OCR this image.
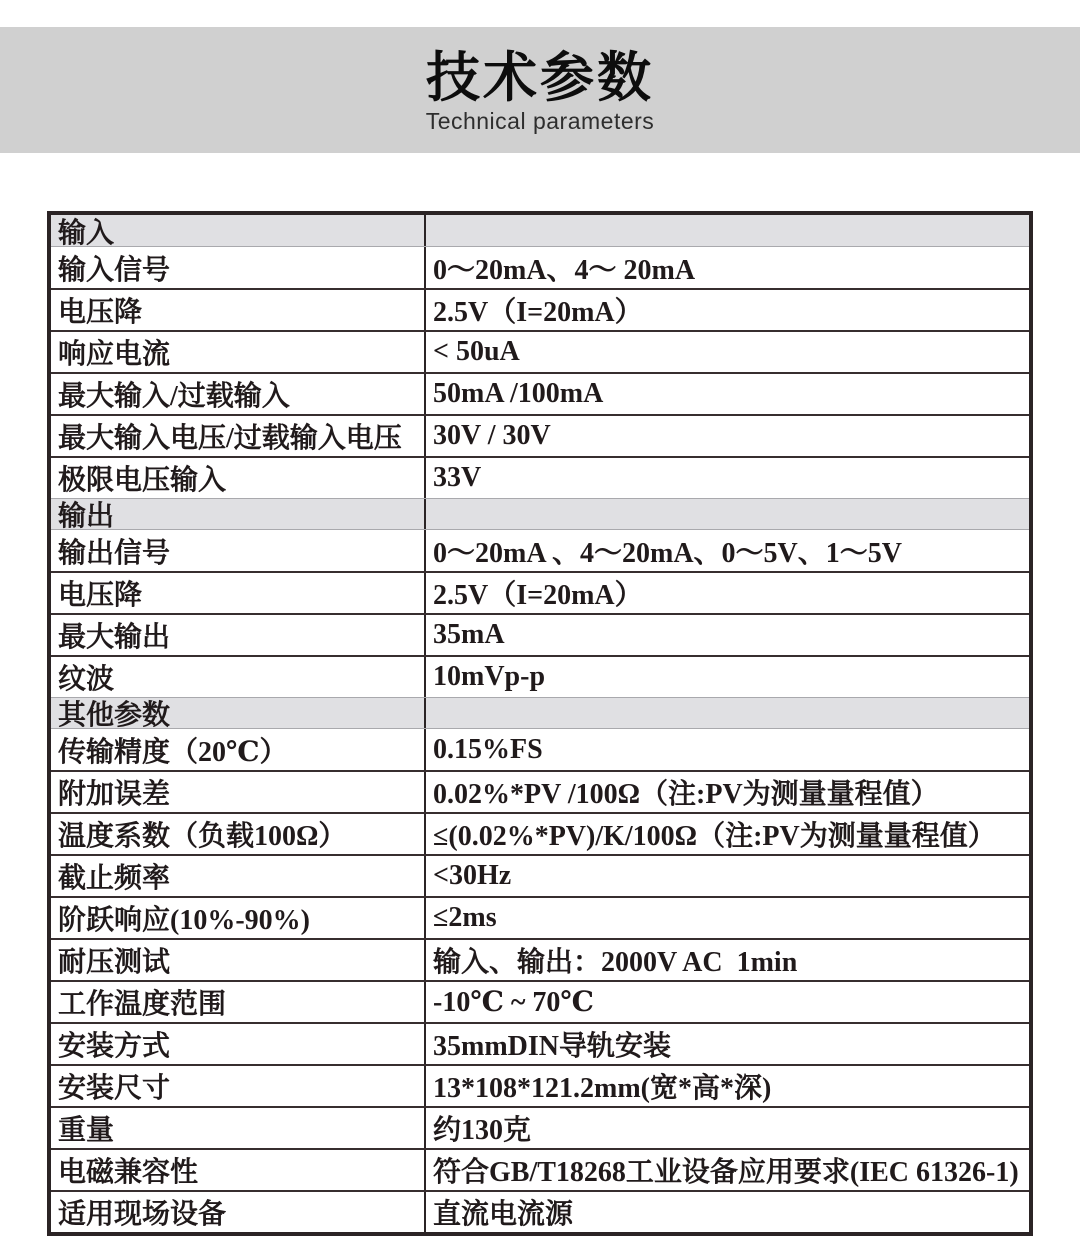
技术参数
Technical parameters
输入
输入信号	0～20mA、4～ 20mA
电压降	2.5V（I=20mA）
响应电流	< 50uA
最大输入/过载输入	50mA /100mA
最大输入电压/过载输入电压	30V / 30V
极限电压输入	33V
输出
输出信号	0～20mA 、4～20mA、0～5V、1～5V
电压降	2.5V（I=20mA）
最大输出	35mA
纹波	10mVp-p
其他参数
传输精度（20℃）	0.15%FS
附加误差	0.02%*PV /100Ω（注:PV为测量量程值）
温度系数（负载100Ω）	≤(0.02%*PV)/K/100Ω（注:PV为测量量程值）
截止频率	<30Hz
阶跃响应(10%-90%)	≤2ms
耐压测试	输入、输出：2000V AC  1min
工作温度范围	-10℃ ~ 70℃
安装方式	35mmDIN导轨安装
安装尺寸	13*108*121.2mm(宽*高*深)
重量	约130克
电磁兼容性	符合GB/T18268工业设备应用要求(IEC 61326-1)
适用现场设备	直流电流源
